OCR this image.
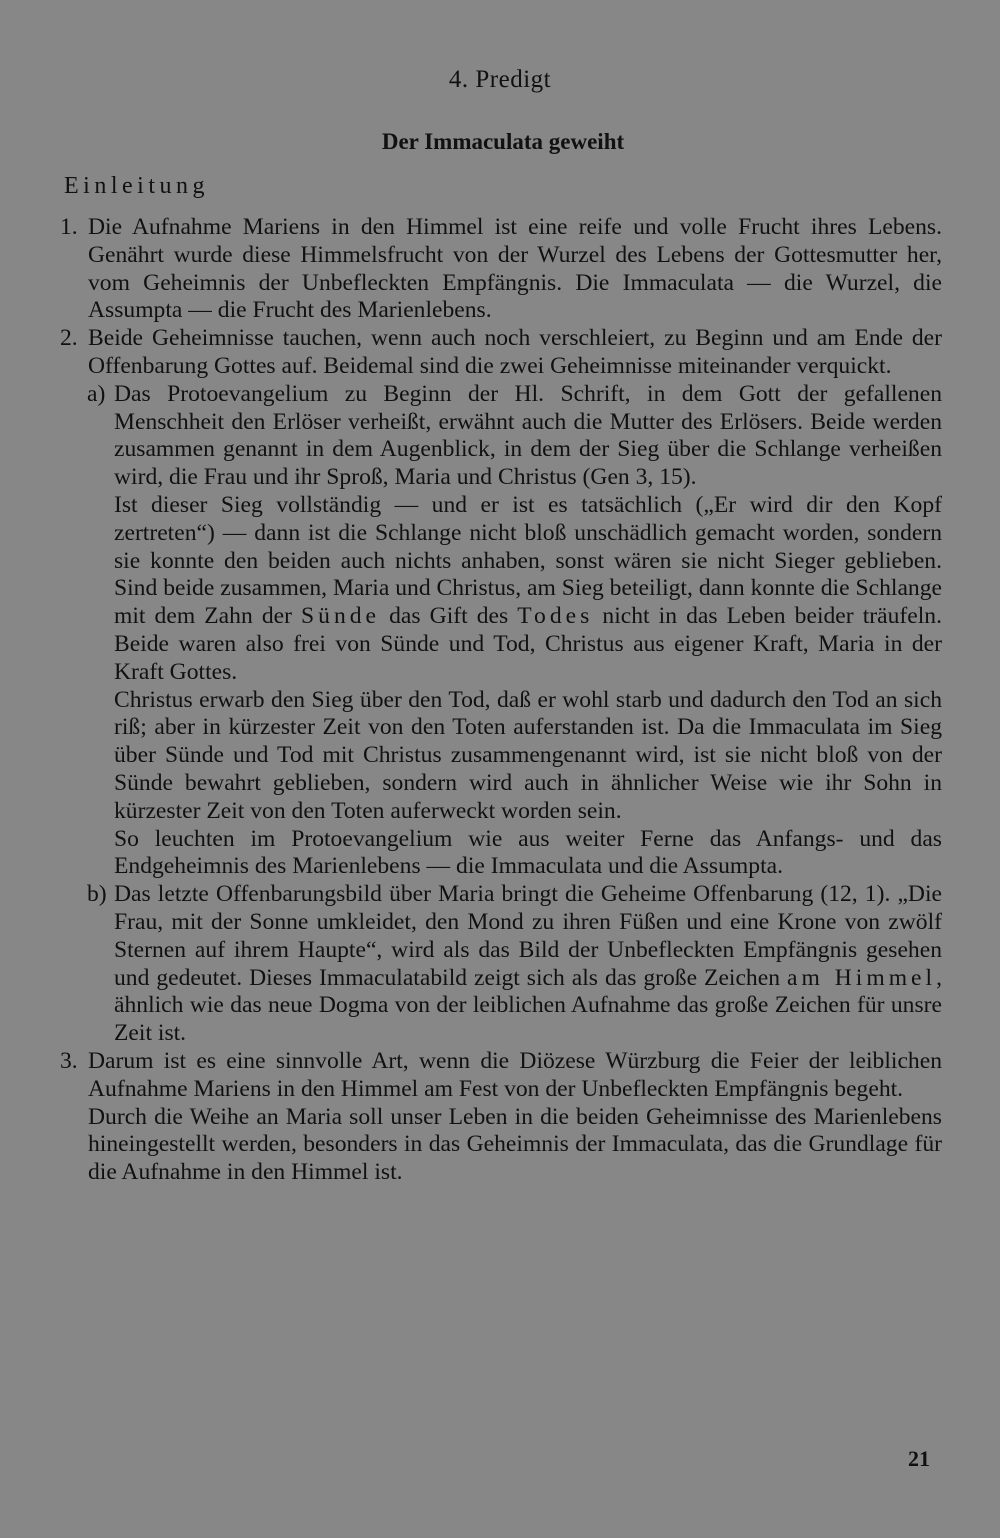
4. Predigt
Der Immaculata geweiht
Einleitung
1. Die Aufnahme Mariens in den Himmel ist eine reife und volle Frucht ihres Lebens. Genährt wurde diese Himmelsfrucht von der Wurzel des Lebens der Gottesmutter her, vom Geheimnis der Unbefleckten Empfängnis. Die Immaculata — die Wurzel, die Assumpta — die Frucht des Marienlebens.
2. Beide Geheimnisse tauchen, wenn auch noch verschleiert, zu Beginn und am Ende der Offenbarung Gottes auf. Beidemal sind die zwei Geheimnisse miteinander verquickt.
a) Das Protoevangelium zu Beginn der Hl. Schrift, in dem Gott der gefallenen Menschheit den Erlöser verheißt, erwähnt auch die Mutter des Erlösers. Beide werden zusammen genannt in dem Augenblick, in dem der Sieg über die Schlange verheißen wird, die Frau und ihr Sproß, Maria und Christus (Gen 3, 15).
Ist dieser Sieg vollständig — und er ist es tatsächlich („Er wird dir den Kopf zertreten“) — dann ist die Schlange nicht bloß unschädlich gemacht worden, sondern sie konnte den beiden auch nichts anhaben, sonst wären sie nicht Sieger geblieben. Sind beide zusammen, Maria und Christus, am Sieg beteiligt, dann konnte die Schlange mit dem Zahn der Sünde das Gift des Todes nicht in das Leben beider träufeln. Beide waren also frei von Sünde und Tod, Christus aus eigener Kraft, Maria in der Kraft Gottes.
Christus erwarb den Sieg über den Tod, daß er wohl starb und dadurch den Tod an sich riß; aber in kürzester Zeit von den Toten auferstanden ist. Da die Immaculata im Sieg über Sünde und Tod mit Christus zusammengenannt wird, ist sie nicht bloß von der Sünde bewahrt geblieben, sondern wird auch in ähnlicher Weise wie ihr Sohn in kürzester Zeit von den Toten auferweckt worden sein.
So leuchten im Protoevangelium wie aus weiter Ferne das Anfangs- und das Endgeheimnis des Marienlebens — die Immaculata und die Assumpta.
b) Das letzte Offenbarungsbild über Maria bringt die Geheime Offenbarung (12, 1). „Die Frau, mit der Sonne umkleidet, den Mond zu ihren Füßen und eine Krone von zwölf Sternen auf ihrem Haupte“, wird als das Bild der Unbefleckten Empfängnis gesehen und gedeutet. Dieses Immaculatabild zeigt sich als das große Zeichen am Himmel, ähnlich wie das neue Dogma von der leiblichen Aufnahme das große Zeichen für unsre Zeit ist.
3. Darum ist es eine sinnvolle Art, wenn die Diözese Würzburg die Feier der leiblichen Aufnahme Mariens in den Himmel am Fest von der Unbefleckten Empfängnis begeht.
Durch die Weihe an Maria soll unser Leben in die beiden Geheimnisse des Marienlebens hineingestellt werden, besonders in das Geheimnis der Immaculata, das die Grundlage für die Aufnahme in den Himmel ist.
21
